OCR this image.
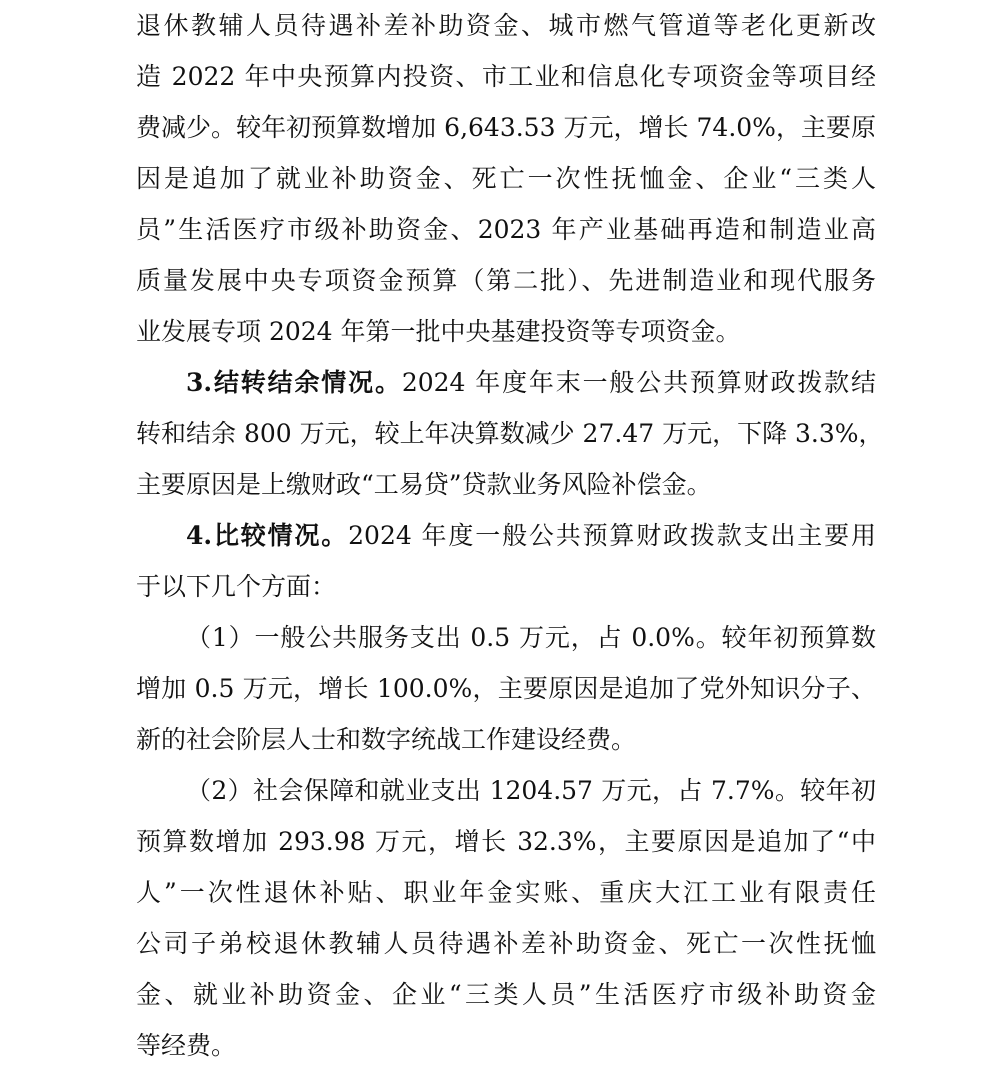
退休教辅人员待遇补差补助资金、城市燃气管道等老化更新改
造 2022 年中央预算内投资、市工业和信息化专项资金等项目经
费减少。较年初预算数增加 6,643.53 万元，增长 74.0%，主要原
因是追加了就业补助资金、死亡一次性抚恤金、企业“三类人
员”生活医疗市级补助资金、2023 年产业基础再造和制造业高
质量发展中央专项资金预算（第二批）、先进制造业和现代服务
业发展专项 2024 年第一批中央基建投资等专项资金。
3.结转结余情况。2024 年度年末一般公共预算财政拨款结
转和结余 800 万元，较上年决算数减少 27.47 万元，下降 3.3%，
主要原因是上缴财政“工易贷”贷款业务风险补偿金。
4.比较情况。2024 年度一般公共预算财政拨款支出主要用
于以下几个方面：
（1）一般公共服务支出 0.5 万元，占 0.0%。较年初预算数
增加 0.5 万元，增长 100.0%，主要原因是追加了党外知识分子、
新的社会阶层人士和数字统战工作建设经费。
（2）社会保障和就业支出 1204.57 万元，占 7.7%。较年初
预算数增加 293.98 万元，增长 32.3%，主要原因是追加了“中
人”一次性退休补贴、职业年金实账、重庆大江工业有限责任
公司子弟校退休教辅人员待遇补差补助资金、死亡一次性抚恤
金、就业补助资金、企业“三类人员”生活医疗市级补助资金
等经费。
